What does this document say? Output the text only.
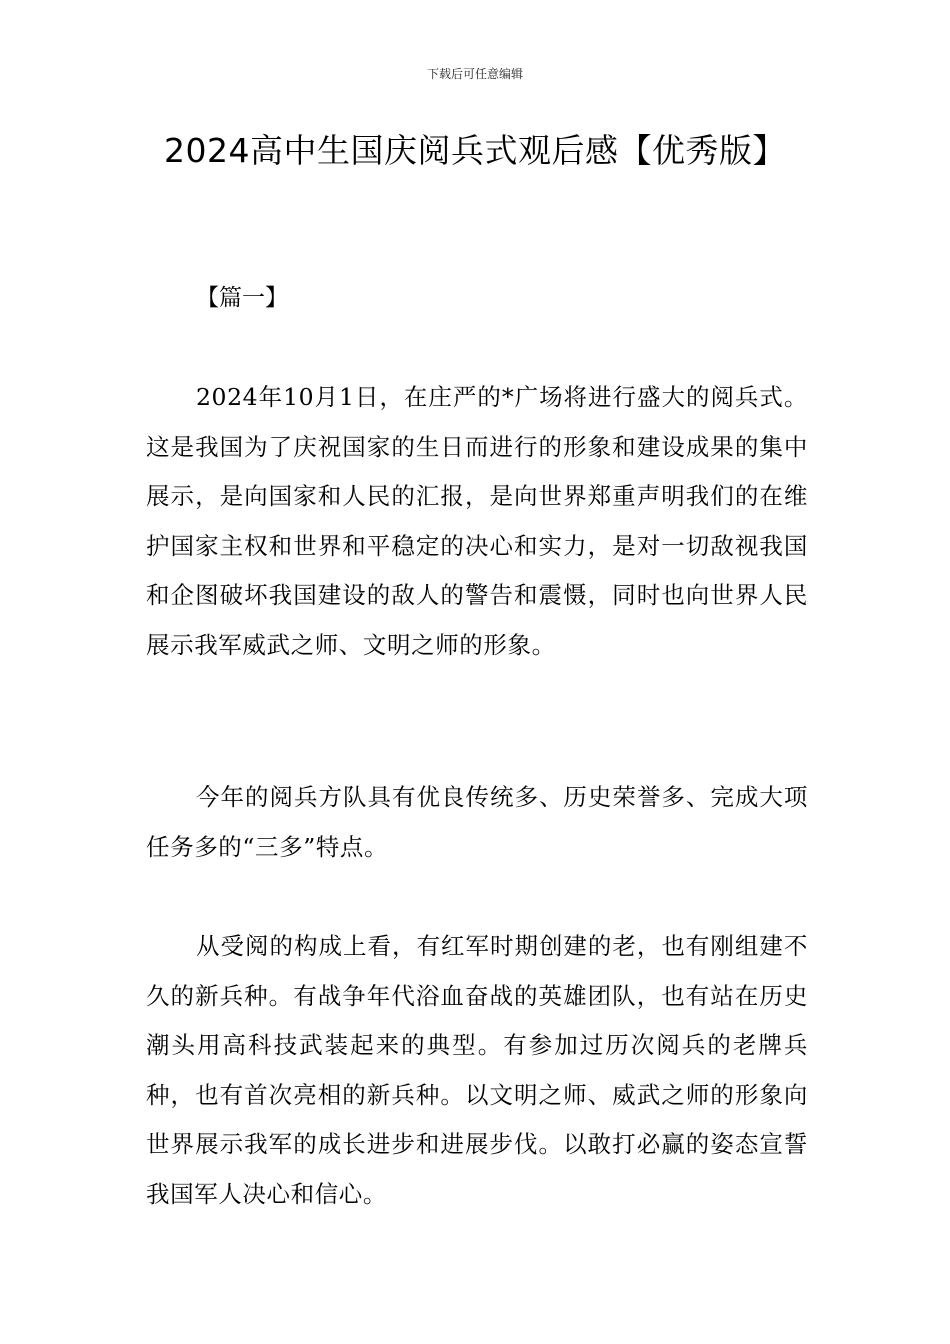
下载后可任意编辑
2024高中生国庆阅兵式观后感【优秀版】
【篇一】

2024年10月1日，在庄严的*广场将进行盛大的阅兵式。这是我国为了庆祝国家的生日而进行的形象和建设成果的集中展示，是向国家和人民的汇报，是向世界郑重声明我们的在维护国家主权和世界和平稳定的决心和实力，是对一切敌视我国和企图破坏我国建设的敌人的警告和震慑，同时也向世界人民展示我军威武之师、文明之师的形象。

今年的阅兵方队具有优良传统多、历史荣誉多、完成大项任务多的“三多”特点。

从受阅的构成上看，有红军时期创建的老，也有刚组建不久的新兵种。有战争年代浴血奋战的英雄团队，也有站在历史潮头用高科技武装起来的典型。有参加过历次阅兵的老牌兵种，也有首次亮相的新兵种。以文明之师、威武之师的形象向世界展示我军的成长进步和进展步伐。以敢打必赢的姿态宣誓我国军人决心和信心。
